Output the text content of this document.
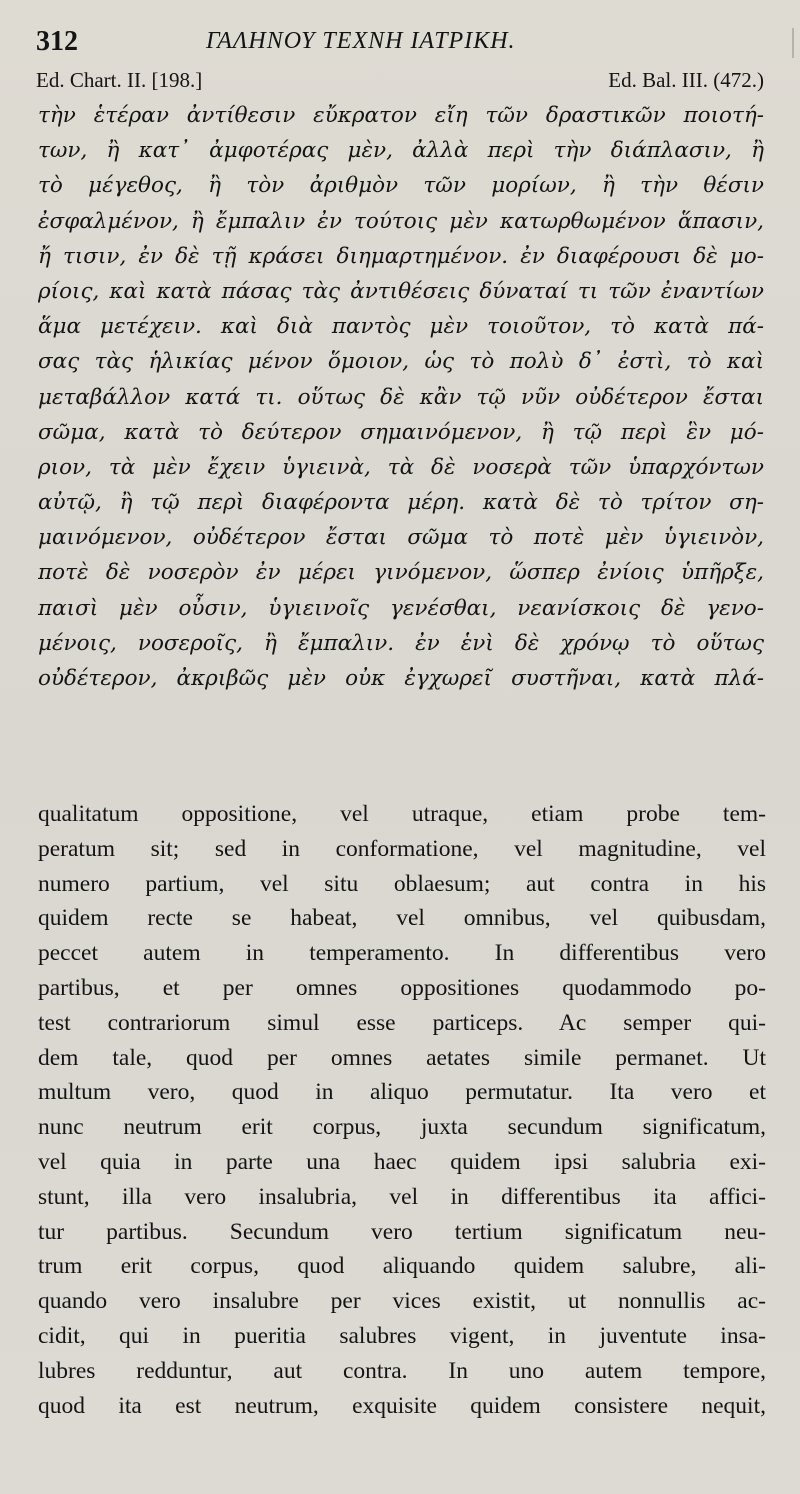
312	ΓΑΛΗΝΟΥ ΤΕΧΝΗ ΙΑΤΡΙΚΗ.
Ed. Chart. II. [198.]	Ed. Bal. III. (472.)
τὴν ἑτέραν ἀντίθεσιν εὔκρατον εἴη τῶν δραστικῶν ποιοτή-
των, ἢ κατ᾿ ἀμφοτέρας μὲν, ἀλλὰ περὶ τὴν διάπλασιν, ἢ
τὸ μέγεθος, ἢ τὸν ἀριθμὸν τῶν μορίων, ἢ τὴν θέσιν
ἐσφαλμένον, ἢ ἔμπαλιν ἐν τούτοις μὲν κατωρθωμένον ἅπασιν,
ἤ τισιν, ἐν δὲ τῇ κράσει διημαρτημένον. ἐν διαφέρουσι δὲ μο-
ρίοις, καὶ κατὰ πάσας τὰς ἀντιθέσεις δύναταί τι τῶν ἐναντίων
ἅμα μετέχειν. καὶ διὰ παντὸς μὲν τοιοῦτον, τὸ κατὰ πά-
σας τὰς ἡλικίας μένον ὅμοιον, ὡς τὸ πολὺ δ᾿ ἐστὶ, τὸ καὶ
μεταβάλλον κατά τι. οὕτως δὲ κἂν τῷ νῦν οὐδέτερον ἔσται
σῶμα, κατὰ τὸ δεύτερον σημαινόμενον, ἢ τῷ περὶ ἓν μό-
ριον, τὰ μὲν ἔχειν ὑγιεινὰ, τὰ δὲ νοσερὰ τῶν ὑπαρχόντων
αὐτῷ, ἢ τῷ περὶ διαφέροντα μέρη. κατὰ δὲ τὸ τρίτον ση-
μαινόμενον, οὐδέτερον ἔσται σῶμα τὸ ποτὲ μὲν ὑγιεινὸν,
ποτὲ δὲ νοσερὸν ἐν μέρει γινόμενον, ὥσπερ ἐνίοις ὑπῆρξε,
παισὶ μὲν οὖσιν, ὑγιεινοῖς γενέσθαι, νεανίσκοις δὲ γενο-
μένοις, νοσεροῖς, ἢ ἔμπαλιν. ἐν ἑνὶ δὲ χρόνῳ τὸ οὕτως
οὐδέτερον, ἀκριβῶς μὲν οὐκ ἐγχωρεῖ συστῆναι, κατὰ πλά-
qualitatum oppositione, vel utraque, etiam probe tem-
peratum sit; sed in conformatione, vel magnitudine, vel
numero partium, vel situ oblaesum; aut contra in his
quidem recte se habeat, vel omnibus, vel quibusdam,
peccet autem in temperamento. In differentibus vero
partibus, et per omnes oppositiones quodammodo po-
test contrariorum simul esse particeps. Ac semper qui-
dem tale, quod per omnes aetates simile permanet. Ut
multum vero, quod in aliquo permutatur. Ita vero et
nunc neutrum erit corpus, juxta secundum significatum,
vel quia in parte una haec quidem ipsi salubria exi-
stunt, illa vero insalubria, vel in differentibus ita affici-
tur partibus. Secundum vero tertium significatum neu-
trum erit corpus, quod aliquando quidem salubre, ali-
quando vero insalubre per vices existit, ut nonnullis ac-
cidit, qui in pueritia salubres vigent, in juventute insa-
lubres redduntur, aut contra. In uno autem tempore,
quod ita est neutrum, exquisite quidem consistere nequit,
